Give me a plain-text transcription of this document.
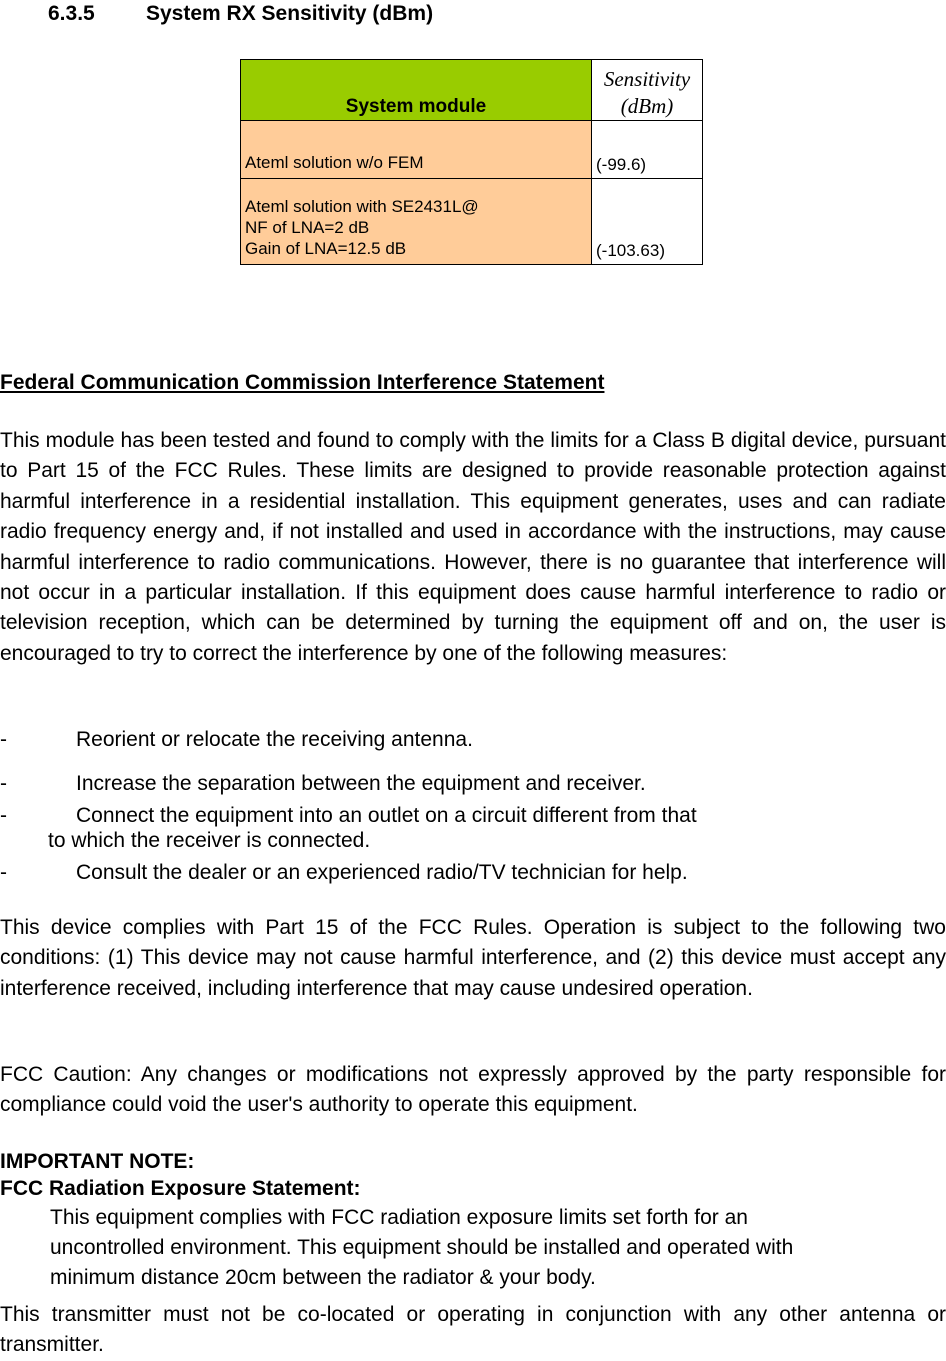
6.3.5 System RX Sensitivity (dBm)
System module	Sensitivity
(dBm)

Ateml solution w/o FEM	(-99.6)

Ateml solution with SE2431L@
NF of LNA=2 dB
Gain of LNA=12.5 dB	(-103.63)
Federal Communication Commission Interference Statement
This module has been tested and found to comply with the limits for a Class B digital device, pursuant to Part 15 of the FCC Rules. These limits are designed to provide reasonable protection against harmful interference in a residential installation. This equipment generates, uses and can radiate radio frequency energy and, if not installed and used in accordance with the instructions, may cause harmful interference to radio communications. However, there is no guarantee that interference will not occur in a particular installation. If this equipment does cause harmful interference to radio or television reception, which can be determined by turning the equipment off and on, the user is encouraged to try to correct the interference by one of the following measures:
-	Reorient or relocate the receiving antenna.
-	Increase the separation between the equipment and receiver.
-	Connect the equipment into an outlet on a circuit different from that
to which the receiver is connected.
-	Consult the dealer or an experienced radio/TV technician for help.
This device complies with Part 15 of the FCC Rules. Operation is subject to the following two conditions: (1) This device may not cause harmful interference, and (2) this device must accept any interference received, including interference that may cause undesired operation.
FCC Caution: Any changes or modifications not expressly approved by the party responsible for compliance could void the user's authority to operate this equipment.
IMPORTANT NOTE:
FCC Radiation Exposure Statement:
This equipment complies with FCC radiation exposure limits set forth for an
uncontrolled environment. This equipment should be installed and operated with
minimum distance 20cm between the radiator & your body.
This transmitter must not be co-located or operating in conjunction with any other antenna or transmitter.
